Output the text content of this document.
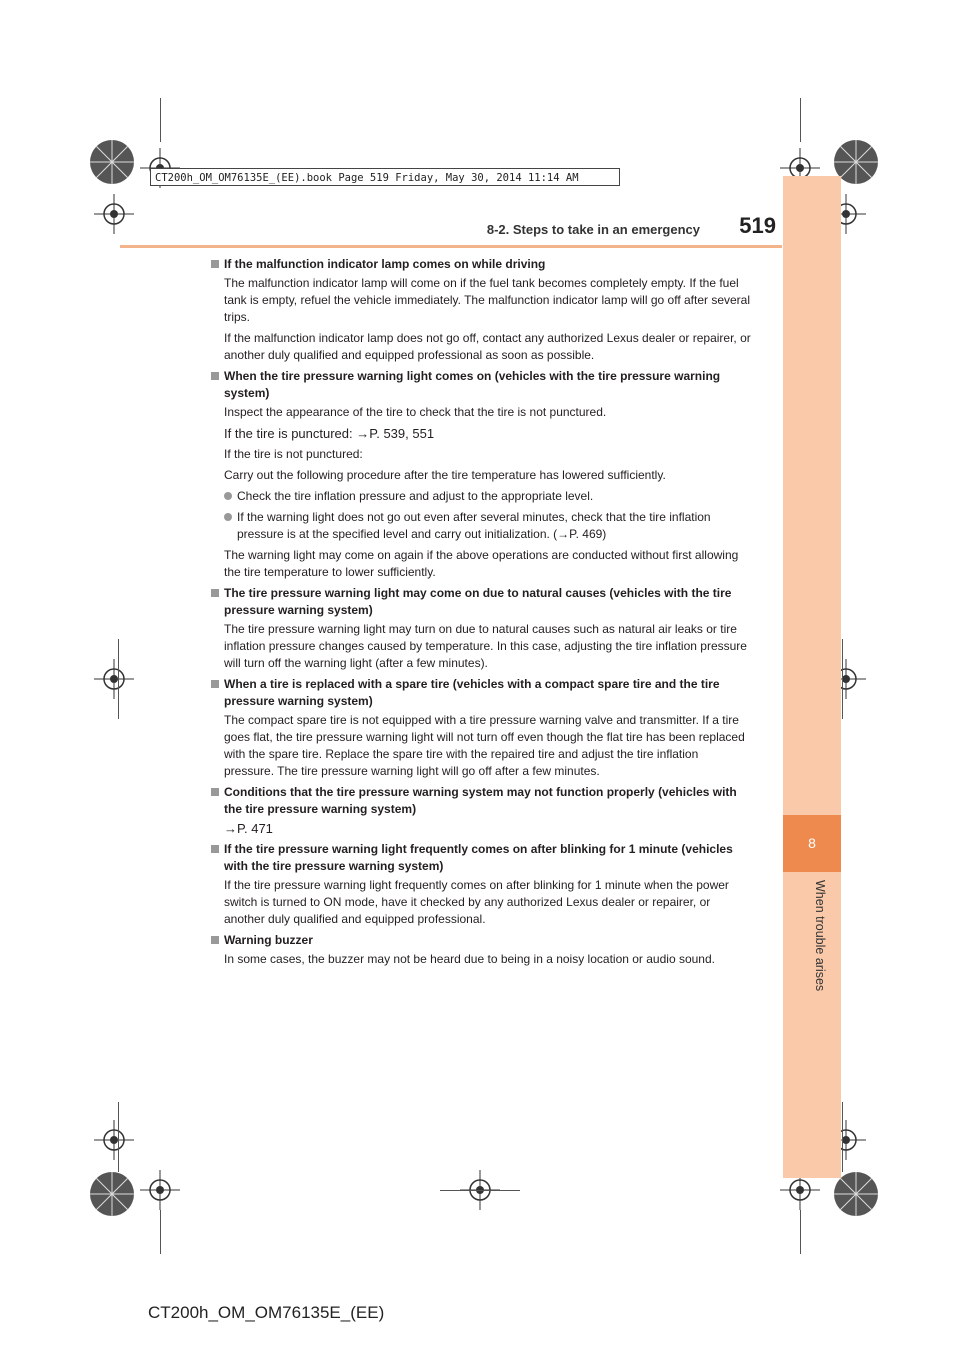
CT200h_OM_OM76135E_(EE).book Page 519 Friday, May 30, 2014 11:14 AM
8
When trouble arises
8-2. Steps to take in an emergency	519
If the malfunction indicator lamp comes on while driving
The malfunction indicator lamp will come on if the fuel tank becomes completely empty. If the fuel tank is empty, refuel the vehicle immediately. The malfunction indicator lamp will go off after several trips.
If the malfunction indicator lamp does not go off, contact any authorized Lexus dealer or repairer, or another duly qualified and equipped professional as soon as possible.
When the tire pressure warning light comes on (vehicles with the tire pressure warning system)
Inspect the appearance of the tire to check that the tire is not punctured.
If the tire is punctured: →P. 539, 551
If the tire is not punctured:
Carry out the following procedure after the tire temperature has lowered sufficiently.
Check the tire inflation pressure and adjust to the appropriate level.
If the warning light does not go out even after several minutes, check that the tire inflation pressure is at the specified level and carry out initialization. (→P. 469)
The warning light may come on again if the above operations are conducted without first allowing the tire temperature to lower sufficiently.
The tire pressure warning light may come on due to natural causes (vehicles with the tire pressure warning system)
The tire pressure warning light may turn on due to natural causes such as natural air leaks or tire inflation pressure changes caused by temperature. In this case, adjusting the tire inflation pressure will turn off the warning light (after a few minutes).
When a tire is replaced with a spare tire (vehicles with a compact spare tire and the tire pressure warning system)
The compact spare tire is not equipped with a tire pressure warning valve and transmitter. If a tire goes flat, the tire pressure warning light will not turn off even though the flat tire has been replaced with the spare tire. Replace the spare tire with the repaired tire and adjust the tire inflation pressure. The tire pressure warning light will go off after a few minutes.
Conditions that the tire pressure warning system may not function properly (vehicles with the tire pressure warning system)
→P. 471
If the tire pressure warning light frequently comes on after blinking for 1 minute (vehicles with the tire pressure warning system)
If the tire pressure warning light frequently comes on after blinking for 1 minute when the power switch is turned to ON mode, have it checked by any authorized Lexus dealer or repairer, or another duly qualified and equipped professional.
Warning buzzer
In some cases, the buzzer may not be heard due to being in a noisy location or audio sound.
CT200h_OM_OM76135E_(EE)
